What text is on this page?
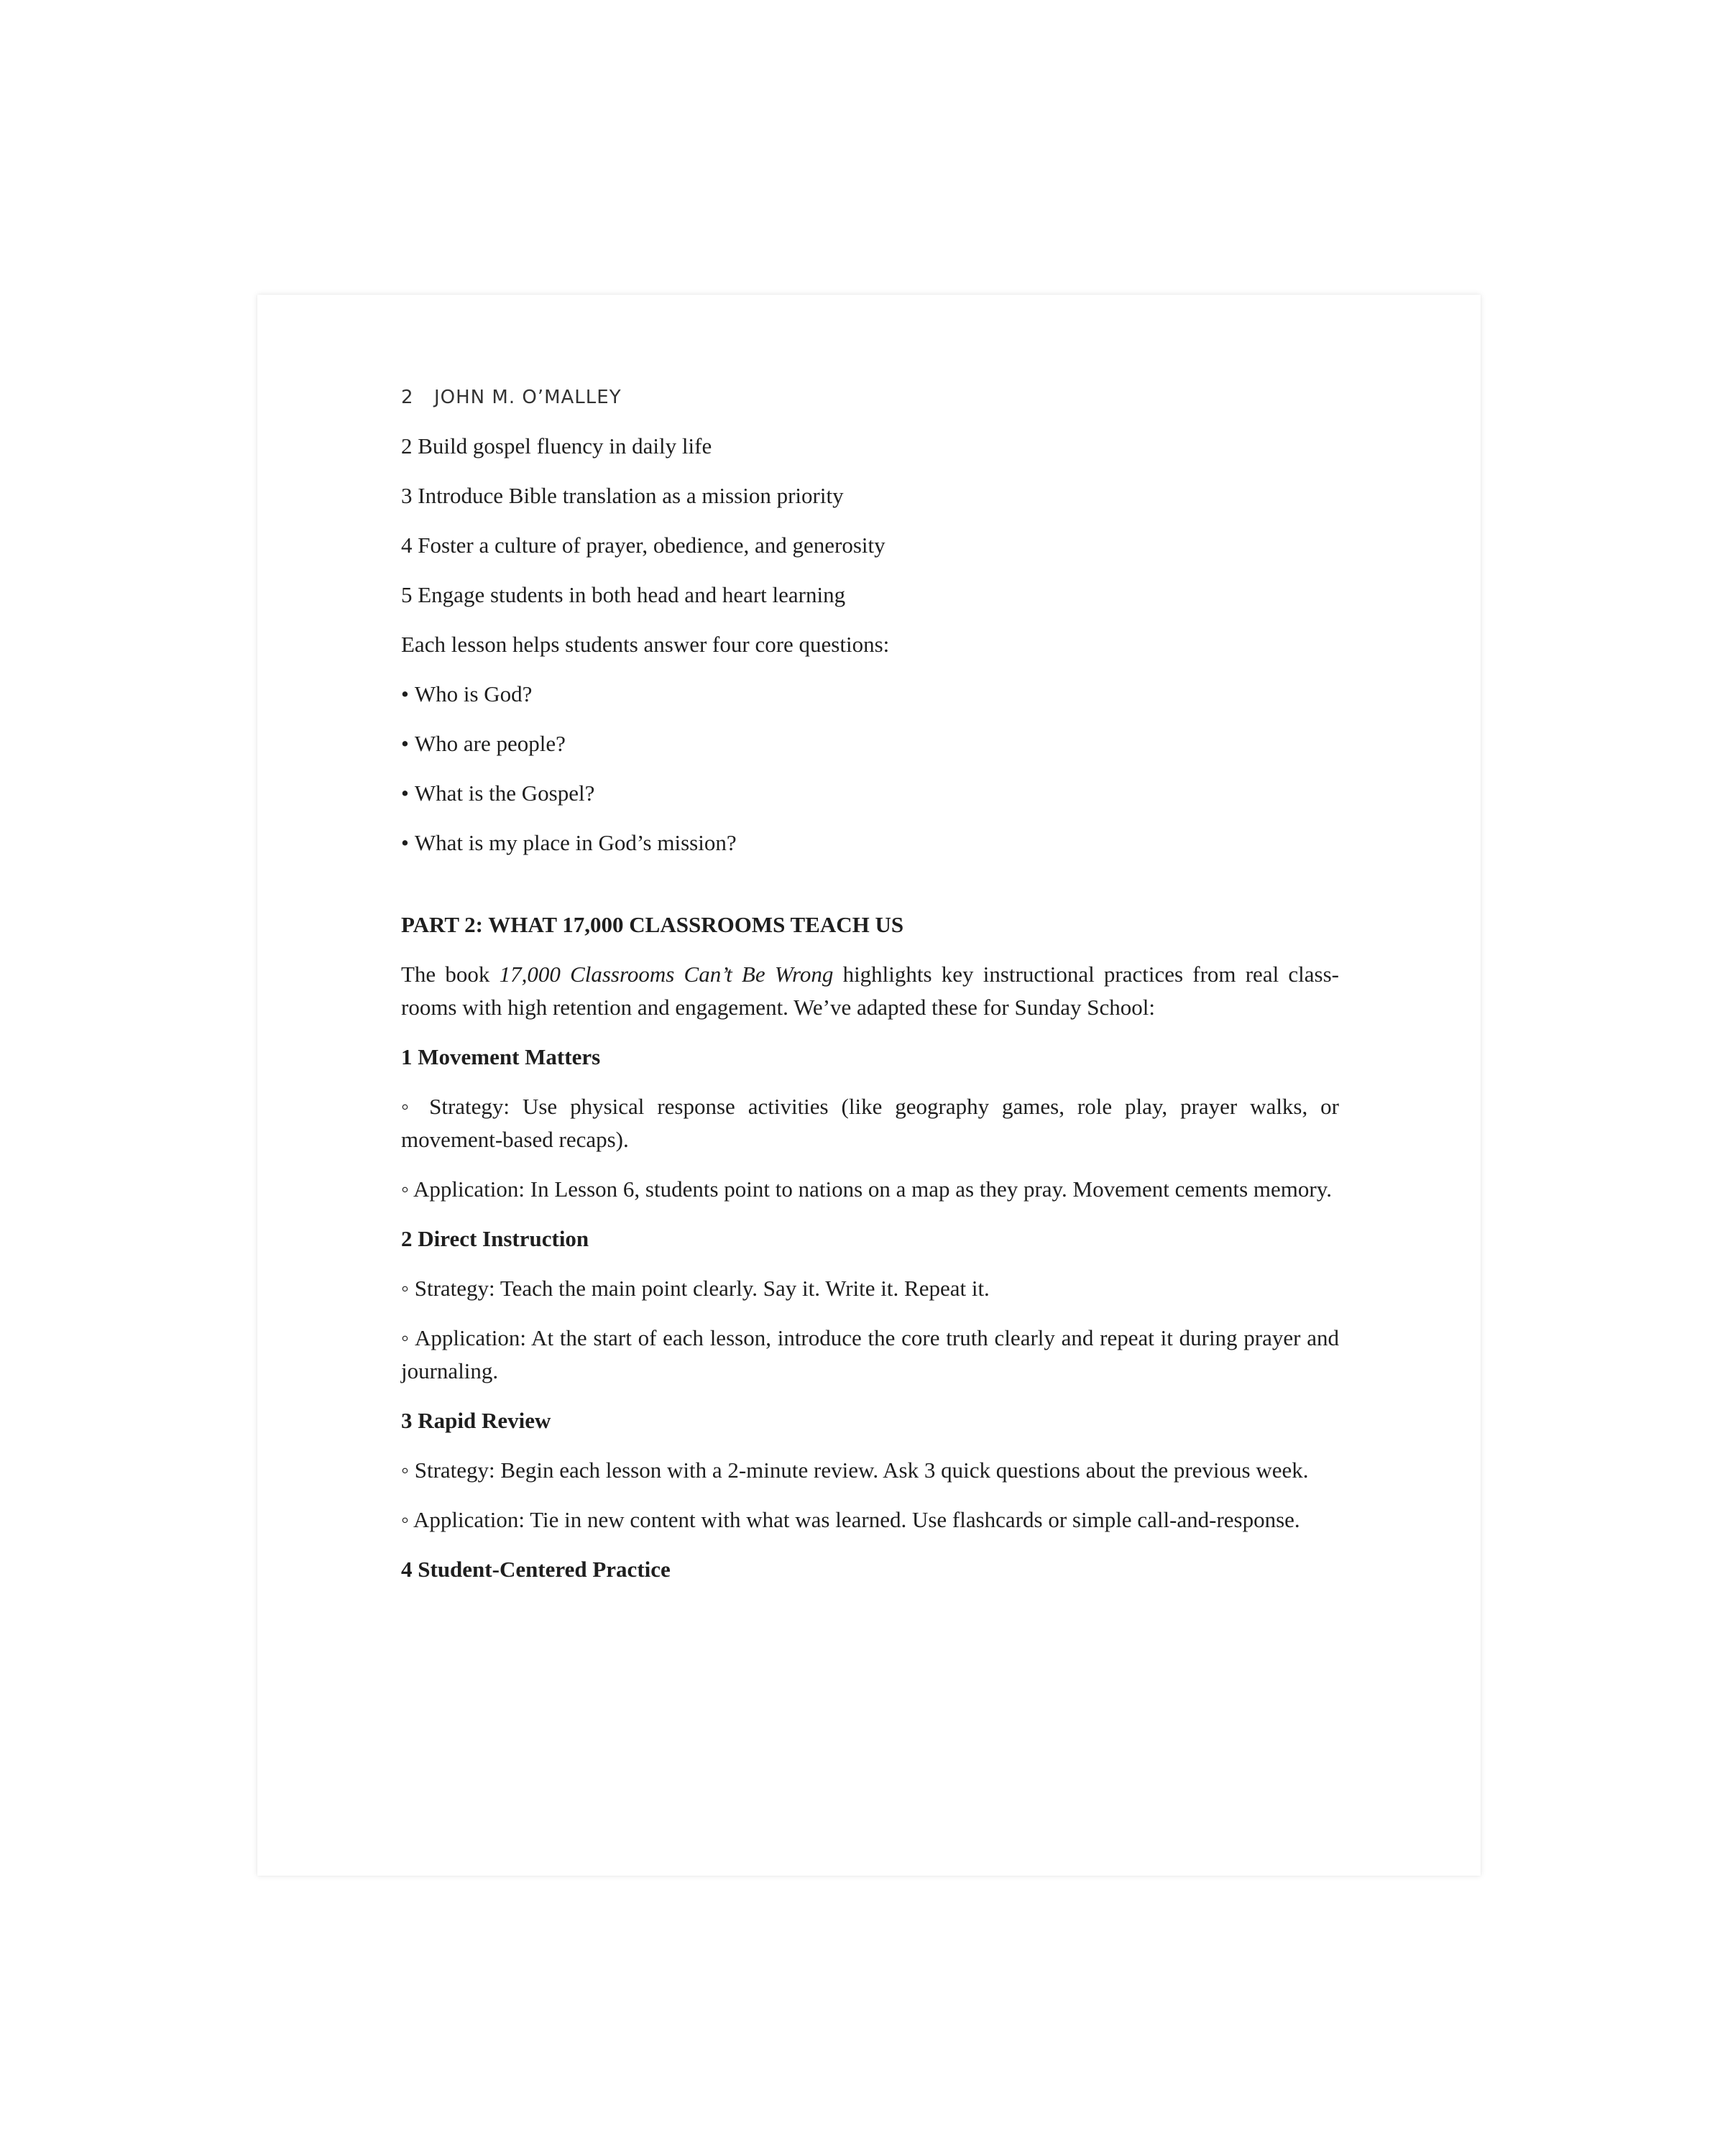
2 JOHN M. O’MALLEY

2 Build gospel fluency in daily life

3 Introduce Bible translation as a mission priority

4 Foster a culture of prayer, obedience, and generosity

5 Engage students in both head and heart learning

Each lesson helps students answer four core questions:

• Who is God?

• Who are people?

• What is the Gospel?

• What is my place in God’s mission?

PART 2: WHAT 17,000 CLASSROOMS TEACH US

The book 17,000 Classrooms Can’t Be Wrong highlights key instructional practices from real class-rooms with high retention and engagement. We’ve adapted these for Sunday School:

1 Movement Matters

◦ Strategy: Use physical response activities (like geography games, role play, prayer walks, or movement-based recaps).

◦ Application: In Lesson 6, students point to nations on a map as they pray. Movement cements memory.

2 Direct Instruction

◦ Strategy: Teach the main point clearly. Say it. Write it. Repeat it.

◦ Application: At the start of each lesson, introduce the core truth clearly and repeat it during prayer and journaling.

3 Rapid Review

◦ Strategy: Begin each lesson with a 2-minute review. Ask 3 quick questions about the previous week.

◦ Application: Tie in new content with what was learned. Use flashcards or simple call-and-response.

4 Student-Centered Practice
